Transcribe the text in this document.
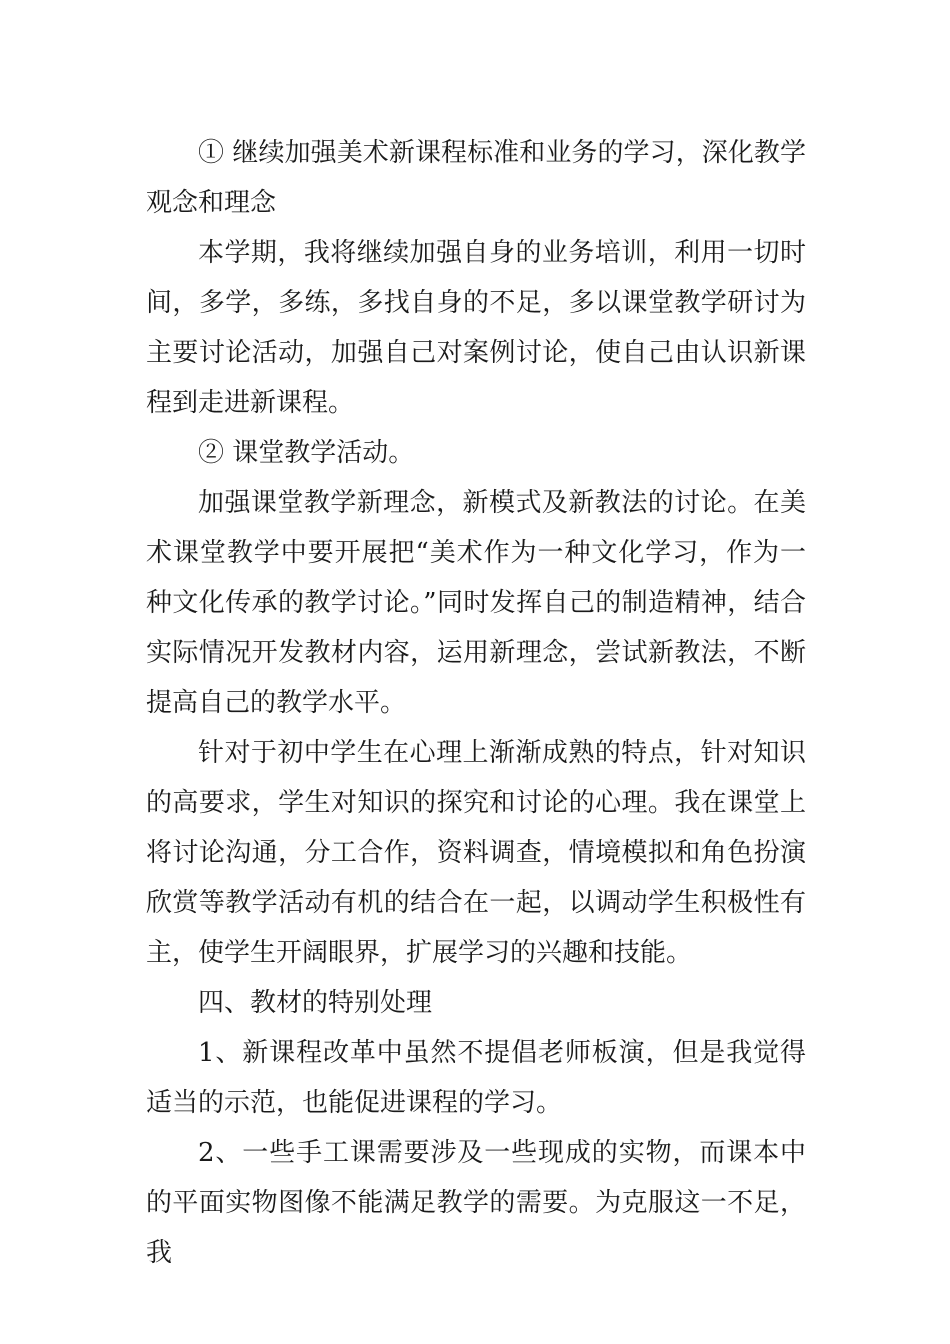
① 继续加强美术新课程标准和业务的学习，深化教学观念和理念

本学期，我将继续加强自身的业务培训，利用一切时间，多学，多练，多找自身的不足，多以课堂教学研讨为主要讨论活动，加强自己对案例讨论，使自己由认识新课程到走进新课程。

② 课堂教学活动。

加强课堂教学新理念，新模式及新教法的讨论。在美术课堂教学中要开展把“美术作为一种文化学习，作为一种文化传承的教学讨论。”同时发挥自己的制造精神，结合实际情况开发教材内容，运用新理念，尝试新教法，不断提高自己的教学水平。

针对于初中学生在心理上渐渐成熟的特点，针对知识的高要求，学生对知识的探究和讨论的心理。我在课堂上将讨论沟通，分工合作，资料调查，情境模拟和角色扮演欣赏等教学活动有机的结合在一起，以调动学生积极性有主，使学生开阔眼界，扩展学习的兴趣和技能。

四、教材的特别处理

1、新课程改革中虽然不提倡老师板演，但是我觉得适当的示范，也能促进课程的学习。

2、一些手工课需要涉及一些现成的实物，而课本中的平面实物图像不能满足教学的需要。为克服这一不足，我
